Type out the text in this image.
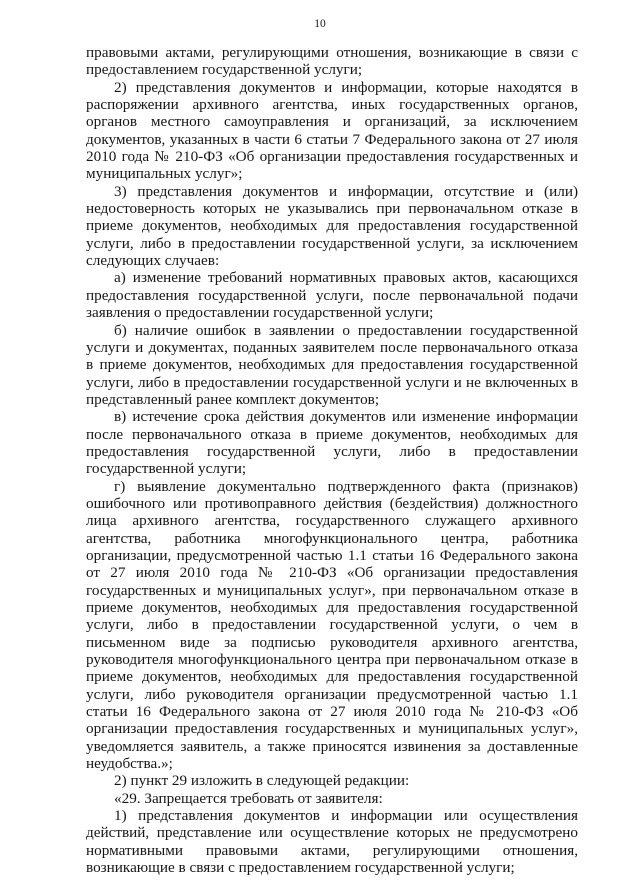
10

правовыми актами, регулирующими отношения, возникающие в связи с предоставлением государственной услуги;

2) представления документов и информации, которые находятся в распоряжении архивного агентства, иных государственных органов, органов местного самоуправления и организаций, за исключением документов, указанных в части 6 статьи 7 Федерального закона от 27 июля 2010 года № 210-ФЗ «Об организации предоставления государственных и муниципальных услуг»;

3) представления документов и информации, отсутствие и (или) недостоверность которых не указывались при первоначальном отказе в приеме документов, необходимых для предоставления государственной услуги, либо в предоставлении государственной услуги, за исключением следующих случаев:

а) изменение требований нормативных правовых актов, касающихся предоставления государственной услуги, после первоначальной подачи заявления о предоставлении государственной услуги;

б) наличие ошибок в заявлении о предоставлении государственной услуги и документах, поданных заявителем после первоначального отказа в приеме документов, необходимых для предоставления государственной услуги, либо в предоставлении государственной услуги и не включенных в представленный ранее комплект документов;

в) истечение срока действия документов или изменение информации после первоначального отказа в приеме документов, необходимых для предоставления государственной услуги, либо в предоставлении государственной услуги;

г) выявление документально подтвержденного факта (признаков) ошибочного или противоправного действия (бездействия) должностного лица архивного агентства, государственного служащего архивного агентства, работника многофункционального центра, работника организации, предусмотренной частью 1.1 статьи 16 Федерального закона от 27 июля 2010 года № 210-ФЗ «Об организации предоставления государственных и муниципальных услуг», при первоначальном отказе в приеме документов, необходимых для предоставления государственной услуги, либо в предоставлении государственной услуги, о чем в письменном виде за подписью руководителя архивного агентства, руководителя многофункционального центра при первоначальном отказе в приеме документов, необходимых для предоставления государственной услуги, либо руководителя организации предусмотренной частью 1.1 статьи 16 Федерального закона от 27 июля 2010 года № 210-ФЗ «Об организации предоставления государственных и муниципальных услуг», уведомляется заявитель, а также приносятся извинения за доставленные неудобства.»;

2) пункт 29 изложить в следующей редакции:

«29. Запрещается требовать от заявителя:

1) представления документов и информации или осуществления действий, представление или осуществление которых не предусмотрено нормативными правовыми актами, регулирующими отношения, возникающие в связи с предоставлением государственной услуги;
